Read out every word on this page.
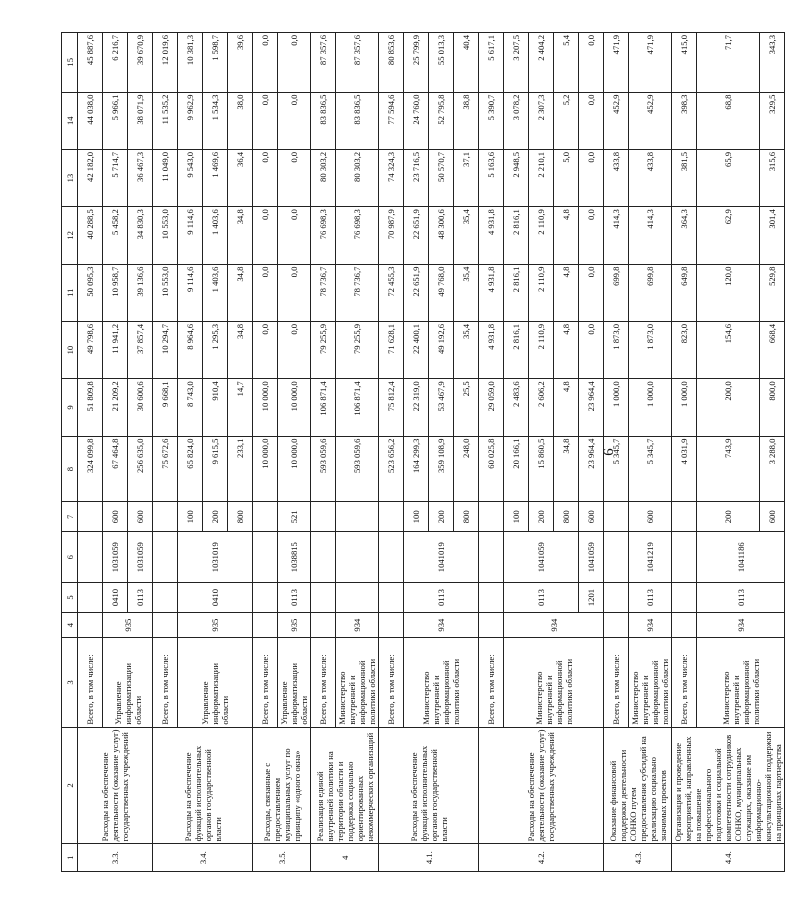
9
1	2	3	4	5	6	7	8	9	10	11	12	13	14	15
3.3.	Расходы на обеспечение деятельности (оказание услуг) государственных учреждений	Всего, в том числе:					324 099,8	51 809,8	49 798,6	50 095,3	40 288,5	42 182,0	44 038,0	45 887,6
		Управление информатизации области	935	0410	1031059	600	67 464,8	21 209,2	11 941,2	10 958,7	5 458,2	5 714,7	5 966,1	6 216,7
				0113	1031059	600	256 635,0	30 600,6	37 857,4	39 136,6	34 830,3	36 467,3	38 071,9	39 670,9
3.4.	Расходы на обеспечение функций исполнительных органов государственной власти	Всего, в том числе:					75 672,6	9 668,1	10 294,7	10 553,0	10 553,0	11 049,0	11 535,2	12 019,6
		Управление информатизации области	935	0410	1031019	100	65 824,0	8 743,0	8 964,6	9 114,6	9 114,6	9 543,0	9 962,9	10 381,3
						200	9 615,5	910,4	1 295,3	1 403,6	1 403,6	1 469,6	1 534,3	1 598,7
						800	233,1	14,7	34,8	34,8	34,8	36,4	38,0	39,6
3.5.	Расходы, связанные с предоставлением муниципальных услуг по принципу «одного окна»	Всего, в том числе:					10 000,0	10 000,0	0,0	0,0	0,0	0,0	0,0	0,0
		Управление информатизации области	935	0113	1038815	521	10 000,0	10 000,0	0,0	0,0	0,0	0,0	0,0	0,0
4	Реализация единой внутренней политики на территории области и поддержка социально ориентированных некоммерческих организаций	Всего, в том числе:					593 059,6	106 871,4	79 255,9	78 736,7	76 698,3	80 303,2	83 836,5	87 357,6
		Министерство внутренней и информационной политики области	934				593 059,6	106 871,4	79 255,9	78 736,7	76 698,3	80 303,2	83 836,5	87 357,6
4.1.	Расходы на обеспечение функций исполнительных органов государственной власти	Всего, в том числе:					523 656,2	75 812,4	71 628,1	72 455,3	70 987,9	74 324,3	77 594,6	80 853,6
		Министерство внутренней и информационной политики области	934	0113	1041019	100	164 299,3	22 319,0	22 400,1	22 651,9	22 651,9	23 716,5	24 760,0	25 799,9
						200	359 108,9	53 467,9	49 192,6	49 768,0	48 300,6	50 570,7	52 795,8	55 013,3
						800	248,0	25,5	35,4	35,4	35,4	37,1	38,8	40,4
4.2.	Расходы на обеспечение деятельности (оказание услуг) государственных учреждений	Всего, в том числе:					60 025,8	29 059,0	4 931,8	4 931,8	4 931,8	5 163,6	5 390,7	5 617,1
		Министерство внутренней и информационной политики области	934	0113	1041059	100	20 166,1	2 483,6	2 816,1	2 816,1	2 816,1	2 948,5	3 078,2	3 207,5
						200	15 860,5	2 606,2	2 110,9	2 110,9	2 110,9	2 210,1	2 307,3	2 404,2
						800	34,8	4,8	4,8	4,8	4,8	5,0	5,2	5,4
				1201	1041059	600	23 964,4	23 964,4	0,0	0,0	0,0	0,0	0,0	0,0
4.3.	Оказание финансовой поддержки деятельности СОНКО путем предоставления субсидий на реализацию социально значимых проектов	Всего, в том числе:					5 345,7	1 000,0	1 873,0	699,8	414,3	433,8	452,9	471,9
		Министерство внутренней и информационной политики области	934	0113	1041219	600	5 345,7	1 000,0	1 873,0	699,8	414,3	433,8	452,9	471,9
4.4.	Организация и проведение мероприятий, направленных на повышение профессионального подготовки и социальной компетентности сотрудников СОНКО, муниципальных служащих, оказание им информационно-консультационной поддержки на принципах партнерства	Всего, в том числе:					4 031,9	1 000,0	823,0	649,8	364,3	381,5	398,3	415,0
		Министерство внутренней и информационной политики области	934	0113	1041186	200	743,9	200,0	154,6	120,0	62,9	65,9	68,8	71,7
						600	3 288,0	800,0	668,4	529,8	301,4	315,6	329,5	343,3
